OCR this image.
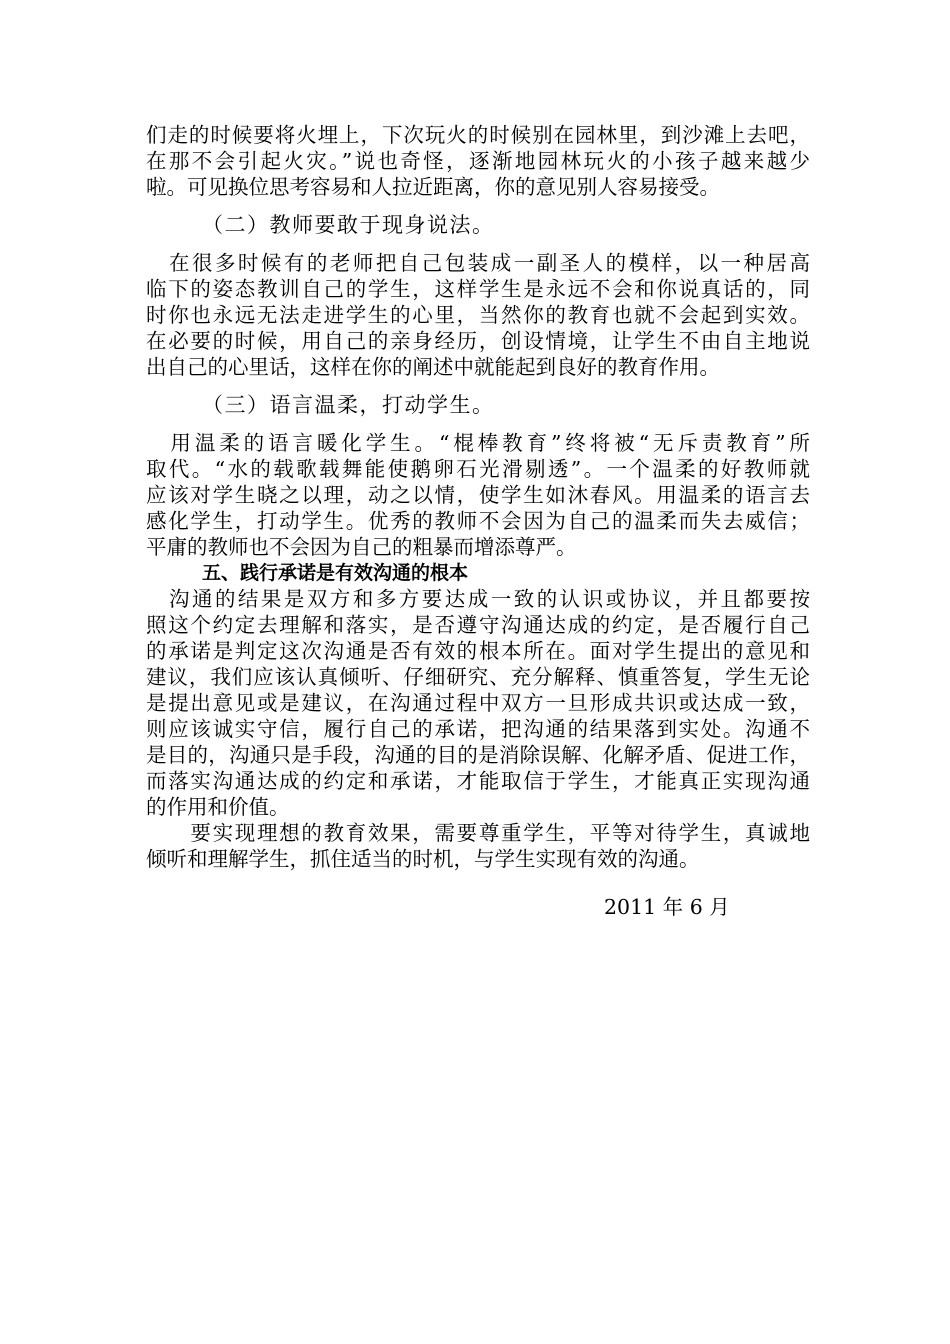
们走的时候要将火埋上，下次玩火的时候别在园林里，到沙滩上去吧，
在那不会引起火灾。”说也奇怪，逐渐地园林玩火的小孩子越来越少
啦。可见换位思考容易和人拉近距离，你的意见别人容易接受。
（二）教师要敢于现身说法。
　在很多时候有的老师把自己包装成一副圣人的模样，以一种居高
临下的姿态教训自己的学生，这样学生是永远不会和你说真话的，同
时你也永远无法走进学生的心里，当然你的教育也就不会起到实效。
在必要的时候，用自己的亲身经历，创设情境，让学生不由自主地说
出自己的心里话，这样在你的阐述中就能起到良好的教育作用。
（三）语言温柔，打动学生。
　用温柔的语言暖化学生。“棍棒教育”终将被“无斥责教育”所
取代。“水的载歌载舞能使鹅卵石光滑剔透”。一个温柔的好教师就
应该对学生晓之以理，动之以情，使学生如沐春风。用温柔的语言去
感化学生，打动学生。优秀的教师不会因为自己的温柔而失去威信；
平庸的教师也不会因为自己的粗暴而增添尊严。
五、践行承诺是有效沟通的根本
　沟通的结果是双方和多方要达成一致的认识或协议，并且都要按
照这个约定去理解和落实，是否遵守沟通达成的约定，是否履行自己
的承诺是判定这次沟通是否有效的根本所在。面对学生提出的意见和
建议，我们应该认真倾听、仔细研究、充分解释、慎重答复，学生无论
是提出意见或是建议，在沟通过程中双方一旦形成共识或达成一致，
则应该诚实守信，履行自己的承诺，把沟通的结果落到实处。沟通不
是目的，沟通只是手段，沟通的目的是消除误解、化解矛盾、促进工作，
而落实沟通达成的约定和承诺，才能取信于学生，才能真正实现沟通
的作用和价值。
　　要实现理想的教育效果，需要尊重学生，平等对待学生，真诚地
倾听和理解学生，抓住适当的时机，与学生实现有效的沟通。
2011 年 6 月
